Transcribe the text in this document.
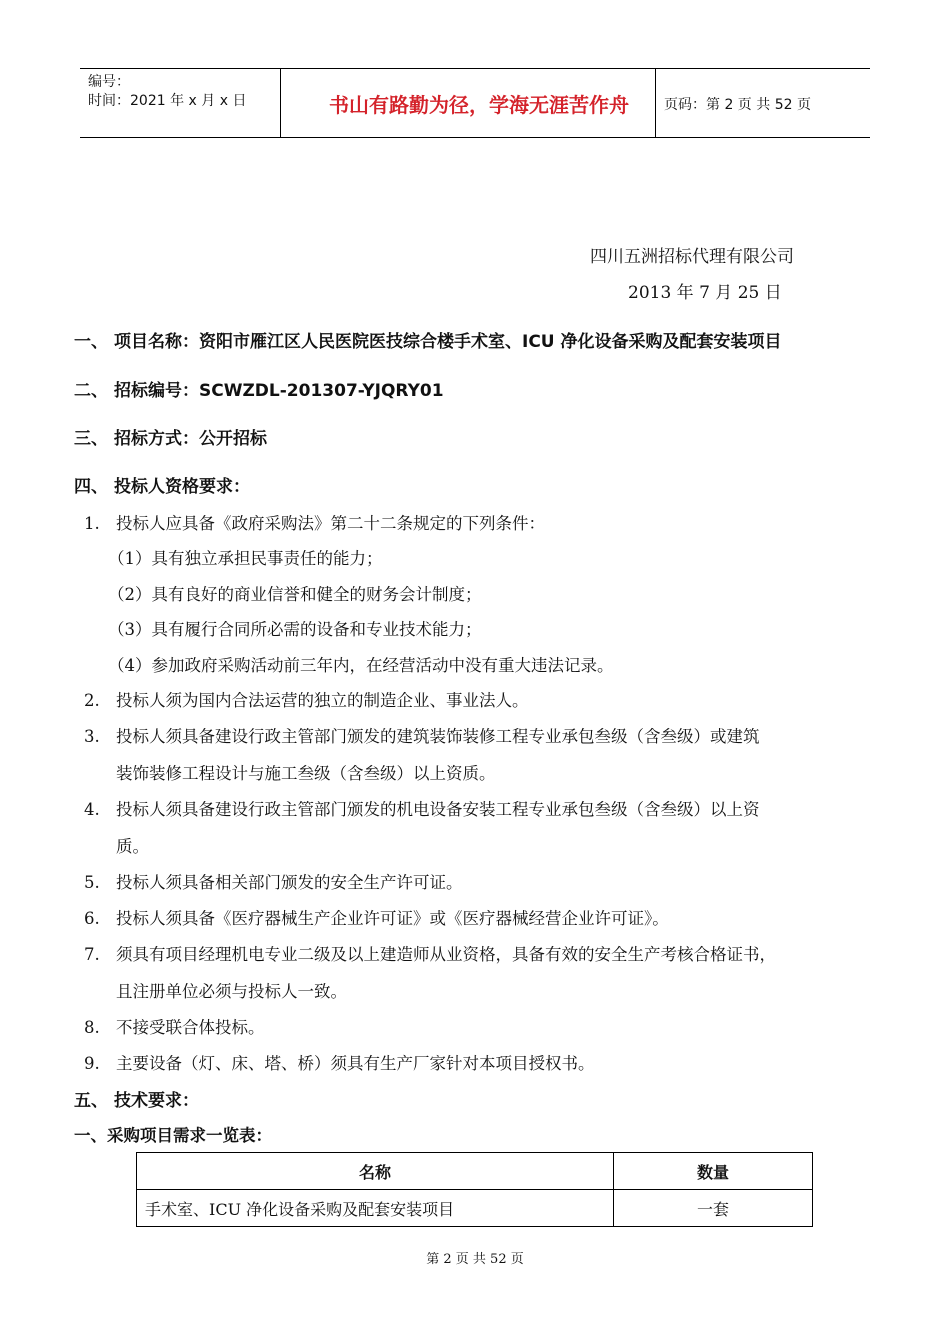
编号：
时间：2021 年 x 月 x 日	书山有路勤为径，学海无涯苦作舟	页码：第 2 页 共 52 页
四川五洲招标代理有限公司
2013 年 7 月 25 日
一、 项目名称：资阳市雁江区人民医院医技综合楼手术室、ICU 净化设备采购及配套安装项目
二、 招标编号：SCWZDL-201307-YJQRY01
三、 招标方式：公开招标
四、 投标人资格要求：
1. 投标人应具备《政府采购法》第二十二条规定的下列条件：
（1）具有独立承担民事责任的能力；
（2）具有良好的商业信誉和健全的财务会计制度；
（3）具有履行合同所必需的设备和专业技术能力；
（4）参加政府采购活动前三年内，在经营活动中没有重大违法记录。
2. 投标人须为国内合法运营的独立的制造企业、事业法人。
3. 投标人须具备建设行政主管部门颁发的建筑装饰装修工程专业承包叁级（含叁级）或建筑
装饰装修工程设计与施工叁级（含叁级）以上资质。
4. 投标人须具备建设行政主管部门颁发的机电设备安装工程专业承包叁级（含叁级）以上资
质。
5. 投标人须具备相关部门颁发的安全生产许可证。
6. 投标人须具备《医疗器械生产企业许可证》或《医疗器械经营企业许可证》。
7. 须具有项目经理机电专业二级及以上建造师从业资格，具备有效的安全生产考核合格证书，
且注册单位必须与投标人一致。
8. 不接受联合体投标。
9. 主要设备（灯、床、塔、桥）须具有生产厂家针对本项目授权书。
五、 技术要求：
一、采购项目需求一览表：
名称	数量
手术室、ICU 净化设备采购及配套安装项目	一套
第 2 页 共 52 页
